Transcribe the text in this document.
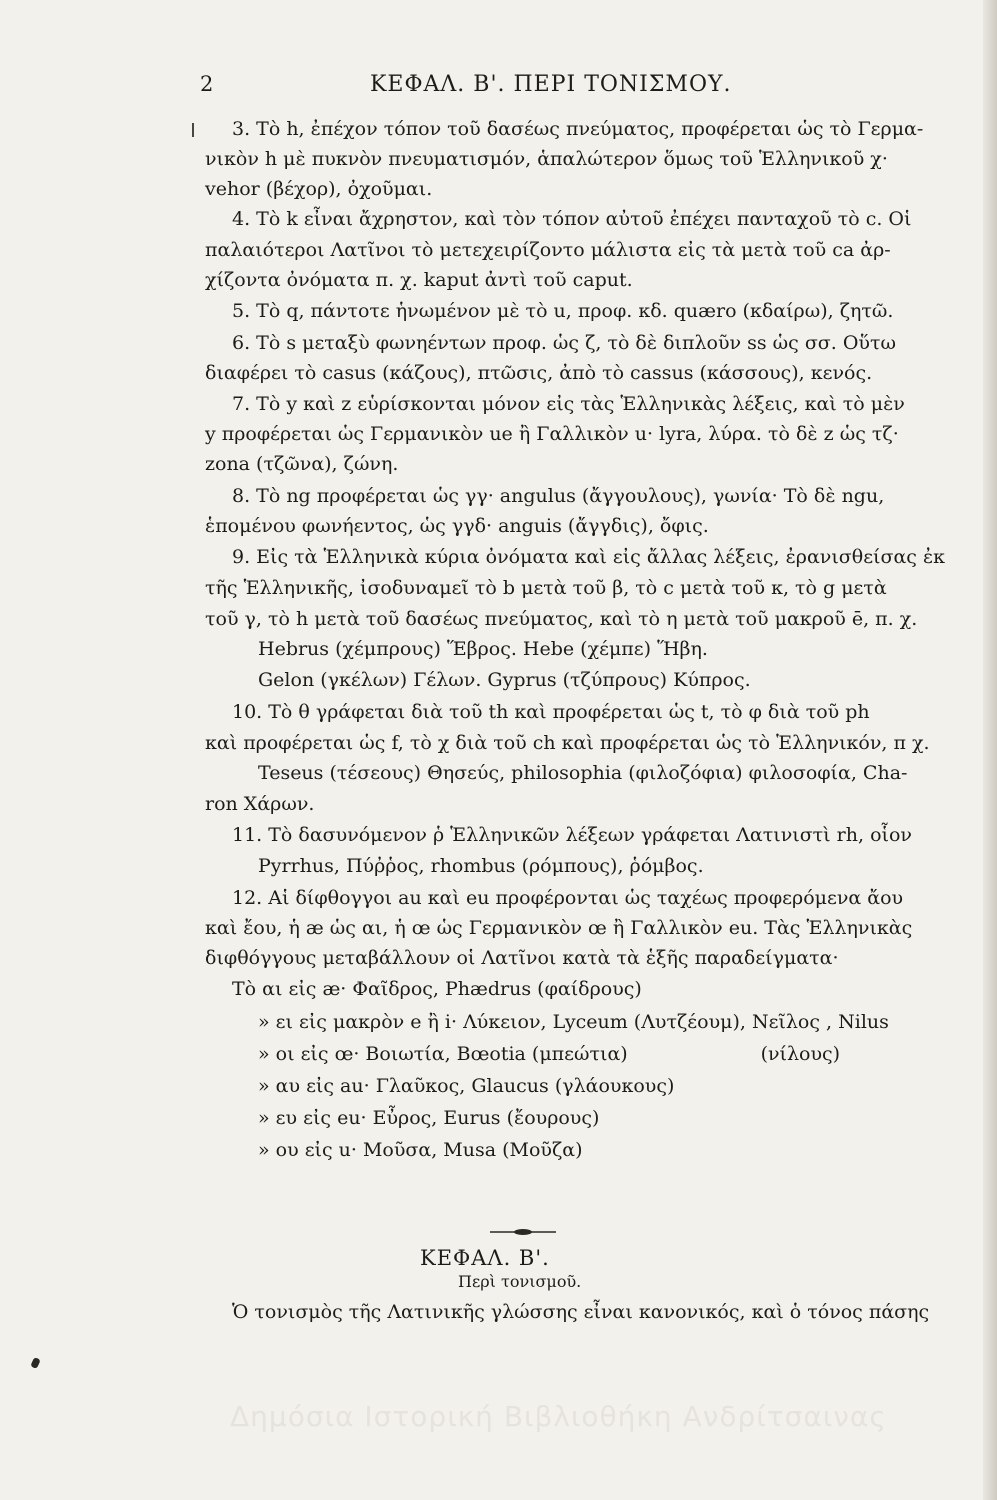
2	ΚΕΦΑΛ. Β'. ΠΕΡΙ ΤΟΝΙΣΜΟΥ.
3. Τὸ h, ἐπέχον τόπον τοῦ δασέως πνεύματος, προφέρεται ὡς τὸ Γερμα-
νικὸν h μὲ πυκνὸν πνευματισμόν, ἁπαλώτερον ὅμως τοῦ Ἑλληνικοῦ χ·
vehor (βέχορ), ὀχοῦμαι.
4. Τὸ k εἶναι ἄχρηστον, καὶ τὸν τόπον αὐτοῦ ἐπέχει πανταχοῦ τὸ c. Οἱ
παλαιότεροι Λατῖνοι τὸ μετεχειρίζοντο μάλιστα εἰς τὰ μετὰ τοῦ ca ἀρ-
χίζοντα ὀνόματα π. χ. kaput ἀντὶ τοῦ caput.
5. Τὸ q, πάντοτε ἡνωμένον μὲ τὸ u, προφ. κδ. quæro (κδαίρω), ζητῶ.
6. Τὸ s μεταξὺ φωνηέντων προφ. ὡς ζ, τὸ δὲ διπλοῦν ss ὡς σσ. Οὕτω
διαφέρει τὸ casus (κάζους), πτῶσις, ἀπὸ τὸ cassus (κάσσους), κενός.
7. Τὸ y καὶ z εὑρίσκονται μόνον εἰς τὰς Ἑλληνικὰς λέξεις, καὶ τὸ μὲν
y προφέρεται ὡς Γερμανικὸν ue ἢ Γαλλικὸν u· lyra, λύρα. τὸ δὲ z ὡς τζ·
zona (τζῶνα), ζώνη.
8. Τὸ ng προφέρεται ὡς γγ· angulus (ἄγγουλους), γωνία· Τὸ δὲ ngu,
ἑπομένου φωνήεντος, ὡς γγδ· anguis (ἄγγδις), ὄφις.
9. Εἰς τὰ Ἑλληνικὰ κύρια ὀνόματα καὶ εἰς ἄλλας λέξεις, ἐρανισθείσας ἐκ
τῆς Ἑλληνικῆς, ἰσοδυναμεῖ τὸ b μετὰ τοῦ β, τὸ c μετὰ τοῦ κ, τὸ g μετὰ
τοῦ γ, τὸ h μετὰ τοῦ δασέως πνεύματος, καὶ τὸ η μετὰ τοῦ μακροῦ ē, π. χ.
Hebrus (χέμπρους) Ἕβρος. Hebe (χέμπε) Ἥβη.
Gelon (γκέλων) Γέλων. Gyprus (τζύπρους) Κύπρος.
10. Τὸ θ γράφεται διὰ τοῦ th καὶ προφέρεται ὡς t, τὸ φ διὰ τοῦ ph
καὶ προφέρεται ὡς f, τὸ χ διὰ τοῦ ch καὶ προφέρεται ὡς τὸ Ἑλληνικόν, π χ.
Teseus (τέσεους) Θησεύς, philosophia (φιλοζόφια) φιλοσοφία, Cha-
ron Χάρων.
11. Τὸ δασυνόμενον ῥ Ἑλληνικῶν λέξεων γράφεται Λατινιστὶ rh, οἷον
Pyrrhus, Πύῤῥος, rhombus (ρόμπους), ῥόμβος.
12. Αἱ δίφθογγοι au καὶ eu προφέρονται ὡς ταχέως προφερόμενα ἄου
καὶ ἔου, ἡ æ ὡς αι, ἡ œ ὡς Γερμανικὸν œ ἢ Γαλλικὸν eu. Τὰς Ἑλληνικὰς
διφθόγγους μεταβάλλουν οἱ Λατῖνοι κατὰ τὰ ἑξῆς παραδείγματα·
Τὸ αι εἰς æ· Φαῖδρος, Phædrus (φαίδρους)
» ει εἰς μακρὸν e ἢ i· Λύκειον, Lyceum (Λυτζέουμ), Νεῖλος , Nilus
» οι εἰς œ· Βοιωτία, Bœotia (μπεώτια)                      (νίλους)
» αυ εἰς au· Γλαῦκος, Glaucus (γλάουκους)
» ευ εἰς eu· Εὖρος, Eurus (ἔουρους)
» ου εἰς u· Μοῦσα, Musa (Μοῦζα)
ΚΕΦΑΛ. Β'.
Περὶ τονισμοῦ.
Ὁ τονισμὸς τῆς Λατινικῆς γλώσσης εἶναι κανονικός, καὶ ὁ τόνος πάσης
Δημόσια Ιστορική Βιβλιοθήκη Ανδρίτσαινας
